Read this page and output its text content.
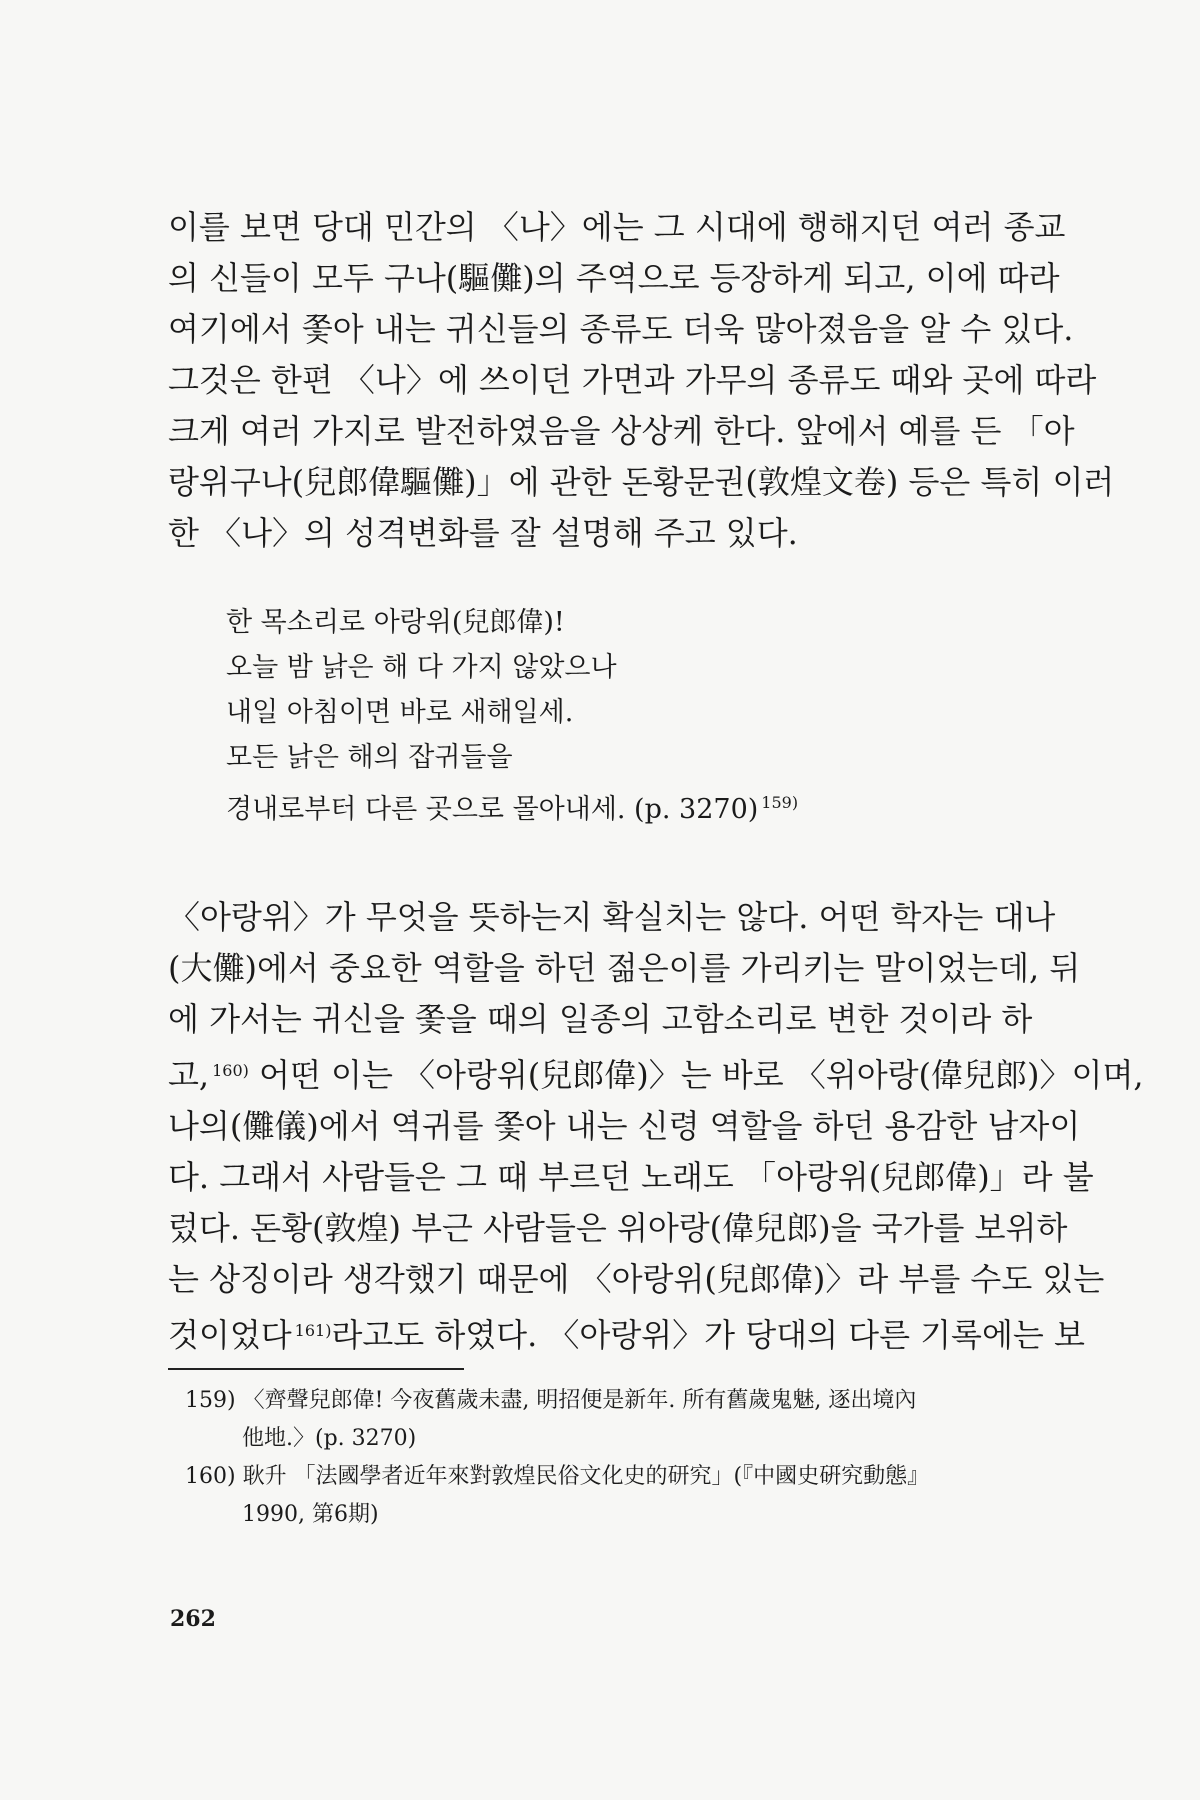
이를 보면 당대 민간의 〈나〉에는 그 시대에 행해지던 여러 종교
의 신들이 모두 구나(驅儺)의 주역으로 등장하게 되고, 이에 따라
여기에서 쫓아 내는 귀신들의 종류도 더욱 많아졌음을 알 수 있다.
그것은 한편 〈나〉에 쓰이던 가면과 가무의 종류도 때와 곳에 따라
크게 여러 가지로 발전하였음을 상상케 한다. 앞에서 예를 든 「아
랑위구나(兒郎偉驅儺)」에 관한 돈황문권(敦煌文卷) 등은 특히 이러
한 〈나〉의 성격변화를 잘 설명해 주고 있다.
한 목소리로 아랑위(兒郎偉)!
오늘 밤 낡은 해 다 가지 않았으나
내일 아침이면 바로 새해일세.
모든 낡은 해의 잡귀들을
경내로부터 다른 곳으로 몰아내세. (p. 3270) $^{159)}$
〈아랑위〉가 무엇을 뜻하는지 확실치는 않다. 어떤 학자는 대나
(大儺)에서 중요한 역할을 하던 젊은이를 가리키는 말이었는데, 뒤
에 가서는 귀신을 쫓을 때의 일종의 고함소리로 변한 것이라 하
고, $^{160)}$ 어떤 이는 〈아랑위(兒郎偉)〉는 바로 〈위아랑(偉兒郎)〉이며,
나의(儺儀)에서 역귀를 쫓아 내는 신령 역할을 하던 용감한 남자이
다. 그래서 사람들은 그 때 부르던 노래도 「아랑위(兒郎偉)」라 불
렀다. 돈황(敦煌) 부근 사람들은 위아랑(偉兒郎)을 국가를 보위하
는 상징이라 생각했기 때문에 〈아랑위(兒郎偉)〉라 부를 수도 있는
것이었다 $^{161)}$라고도 하였다. 〈아랑위〉가 당대의 다른 기록에는 보
159) 〈齊聲兒郎偉! 今夜舊歲未盡, 明招便是新年. 所有舊歲鬼魅, 逐出境內
他地.〉(p. 3270)
160) 耿升 「法國學者近年來對敦煌民俗文化史的研究」(『中國史硏究動態』
1990, 第6期)
262
